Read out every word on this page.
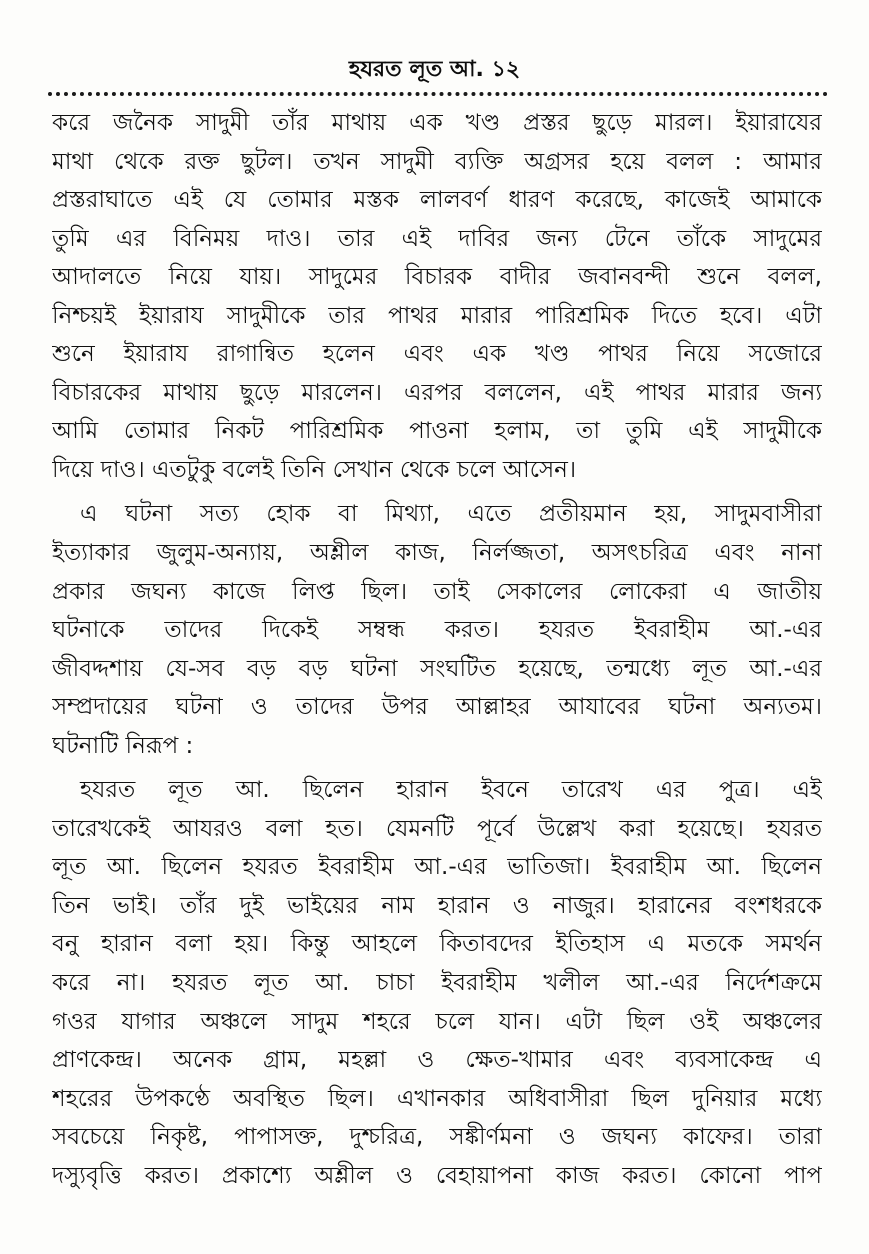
হযরত লূত আ. ১২
করে জনৈক সাদুমী তাঁর মাথায় এক খণ্ড প্রস্তর ছুড়ে মারল। ইয়ারাযের
মাথা থেকে রক্ত ছুটল। তখন সাদুমী ব্যক্তি অগ্রসর হয়ে বলল : আমার
প্রস্তরাঘাতে এই যে তোমার মস্তক লালবর্ণ ধারণ করেছে, কাজেই আমাকে
তুমি এর বিনিময় দাও। তার এই দাবির জন্য টেনে তাঁকে সাদুমের
আদালতে নিয়ে যায়। সাদুমের বিচারক বাদীর জবানবন্দী শুনে বলল,
নিশ্চয়ই ইয়ারায সাদুমীকে তার পাথর মারার পারিশ্রমিক দিতে হবে। এটা
শুনে ইয়ারায রাগান্বিত হলেন এবং এক খণ্ড পাথর নিয়ে সজোরে
বিচারকের মাথায় ছুড়ে মারলেন। এরপর বললেন, এই পাথর মারার জন্য
আমি তোমার নিকট পারিশ্রমিক পাওনা হলাম, তা তুমি এই সাদুমীকে
দিয়ে দাও। এতটুকু বলেই তিনি সেখান থেকে চলে আসেন।
এ ঘটনা সত্য হোক বা মিথ্যা, এতে প্রতীয়মান হয়, সাদুমবাসীরা
ইত্যাকার জুলুম-অন্যায়, অশ্লীল কাজ, নির্লজ্জতা, অসৎচরিত্র এবং নানা
প্রকার জঘন্য কাজে লিপ্ত ছিল। তাই সেকালের লোকেরা এ জাতীয়
ঘটনাকে তাদের দিকেই সম্বন্ধ করত। হযরত ইবরাহীম আ.-এর
জীবদ্দশায় যে-সব বড় বড় ঘটনা সংঘটিত হয়েছে, তন্মধ্যে লূত আ.-এর
সম্প্রদায়ের ঘটনা ও তাদের উপর আল্লাহর আযাবের ঘটনা অন্যতম।
ঘটনাটি নিরূপ :
হযরত লূত আ. ছিলেন হারান ইবনে তারেখ এর পুত্র। এই
তারেখকেই আযরও বলা হত। যেমনটি পূর্বে উল্লেখ করা হয়েছে। হযরত
লূত আ. ছিলেন হযরত ইবরাহীম আ.-এর ভাতিজা। ইবরাহীম আ. ছিলেন
তিন ভাই। তাঁর দুই ভাইয়ের নাম হারান ও নাজুর। হারানের বংশধরকে
বনু হারান বলা হয়। কিন্তু আহলে কিতাবদের ইতিহাস এ মতকে সমর্থন
করে না। হযরত লূত আ. চাচা ইবরাহীম খলীল আ.-এর নির্দেশক্রমে
গওর যাগার অঞ্চলে সাদুম শহরে চলে যান। এটা ছিল ওই অঞ্চলের
প্রাণকেন্দ্র। অনেক গ্রাম, মহল্লা ও ক্ষেত-খামার এবং ব্যবসাকেন্দ্র এ
শহরের উপকণ্ঠে অবস্থিত ছিল। এখানকার অধিবাসীরা ছিল দুনিয়ার মধ্যে
সবচেয়ে নিকৃষ্ট, পাপাসক্ত, দুশ্চরিত্র, সঙ্কীর্ণমনা ও জঘন্য কাফের। তারা
দস্যুবৃত্তি করত। প্রকাশ্যে অশ্লীল ও বেহায়াপনা কাজ করত। কোনো পাপ
